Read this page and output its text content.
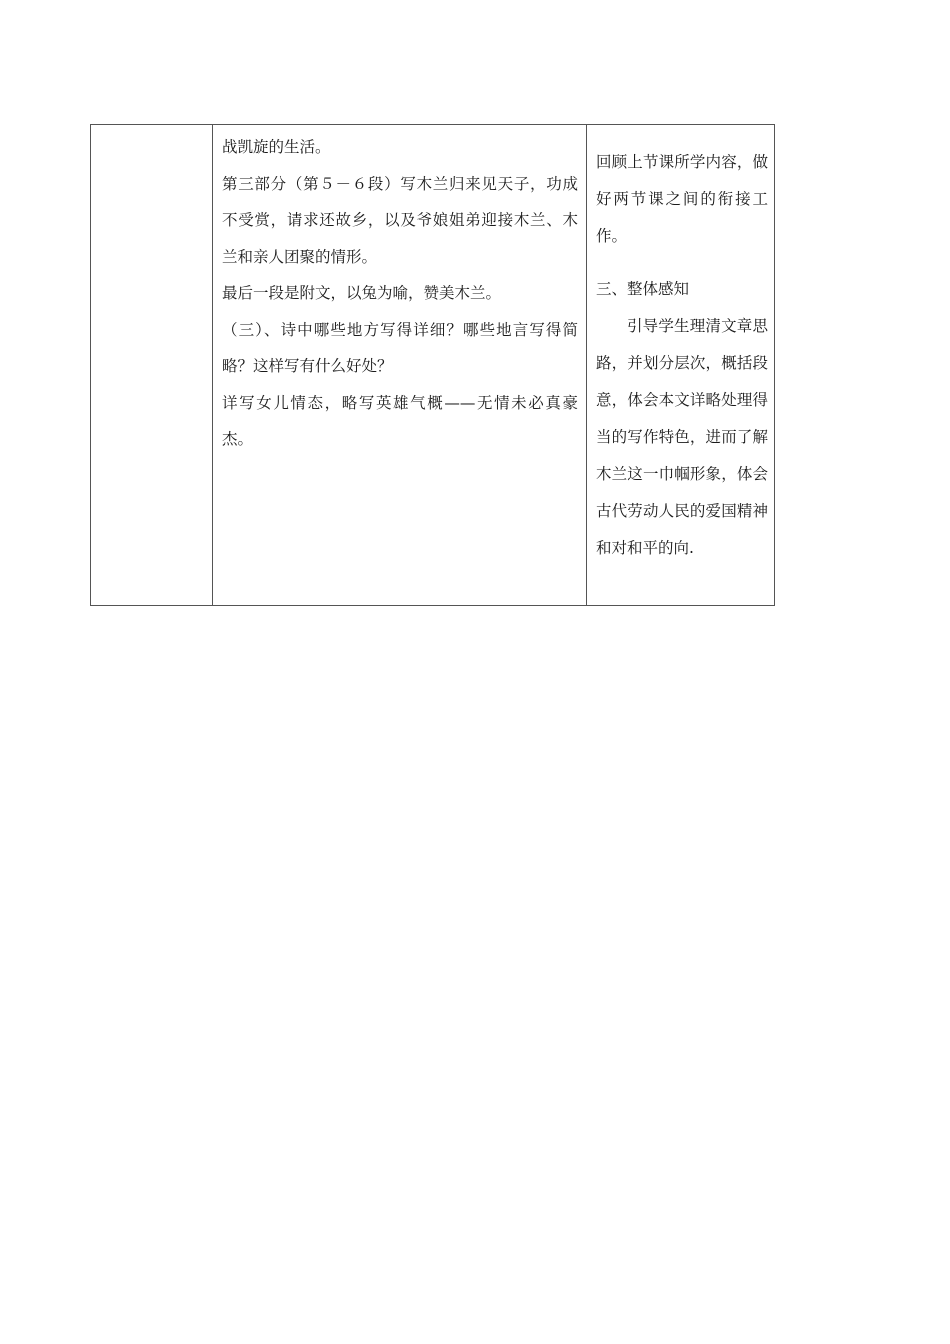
战凯旋的生活。

第三部分（第５－６段）写木兰归来见天子，功成不受赏，请求还故乡，以及爷娘姐弟迎接木兰、木兰和亲人团聚的情形。

最后一段是附文，以兔为喻，赞美木兰。

（三）、诗中哪些地方写得详细？哪些地言写得简略？这样写有什么好处？

详写女儿情态，略写英雄气概——无情未必真豪杰。

回顾上节课所学内容，做好两节课之间的衔接工作。

三、整体感知

引导学生理清文章思路，并划分层次，概括段意，体会本文详略处理得当的写作特色，进而了解木兰这一巾帼形象，体会古代劳动人民的爱国精神和对和平的向.
